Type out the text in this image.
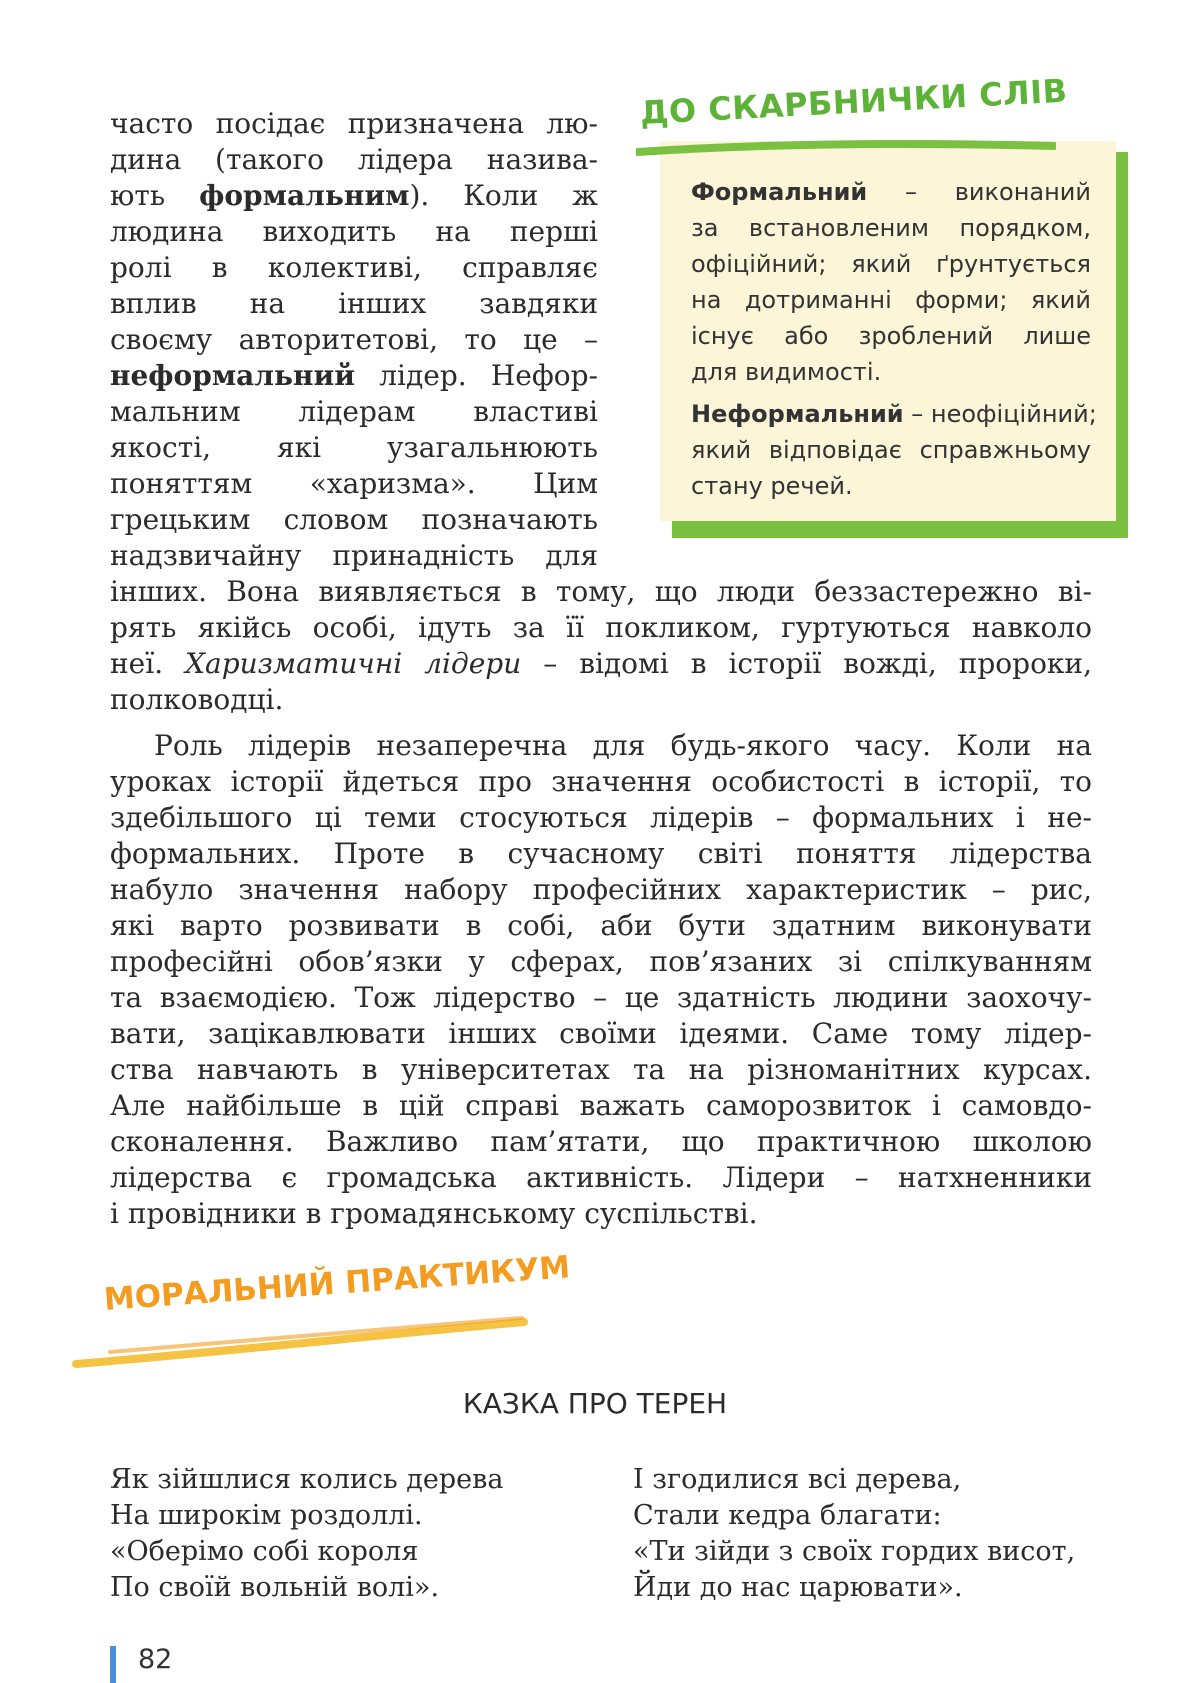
часто посідає призначена лю-
дина (такого лідера назива-
ють формальним). Коли ж
людина виходить на перші
ролі в колективі, справляє
вплив на інших завдяки
своєму авторитетові, то це –
неформальний лідер. Нефор-
мальним лідерам властиві
якості, які узагальнюють
поняттям «харизма». Цим
грецьким словом позначають
надзвичайну принадність для
ДО СКАРБНИЧКИ СЛІВ
Формальний – виконаний
за встановленим порядком,
офіційний; який ґрунтується
на дотриманні форми; який
існує або зроблений лише
для видимості.
Неформальний – неофіційний;
який відповідає справжньому
стану речей.
інших. Вона виявляється в тому, що люди беззастережно ві-
рять якійсь особі, ідуть за її покликом, гуртуються навколо
неї. Харизматичні лідери – відомі в історії вожді, пророки,
полководці.
Роль лідерів незаперечна для будь-якого часу. Коли на
уроках історії йдеться про значення особистості в історії, то
здебільшого ці теми стосуються лідерів – формальних і не-
формальних. Проте в сучасному світі поняття лідерства
набуло значення набору професійних характеристик – рис,
які варто розвивати в собі, аби бути здатним виконувати
професійні обов’язки у сферах, пов’язаних зі спілкуванням
та взаємодією. Тож лідерство – це здатність людини заохочу-
вати, зацікавлювати інших своїми ідеями. Саме тому лідер-
ства навчають в університетах та на різноманітних курсах.
Але найбільше в цій справі важать саморозвиток і самовдо-
сконалення. Важливо пам’ятати, що практичною школою
лідерства є громадська активність. Лідери – натхненники
і провідники в громадянському суспільстві.
МОРАЛЬНИЙ ПРАКТИКУМ
КАЗКА ПРО ТЕРЕН
Як зійшлися колись дерева
На широкім роздоллі.
«Оберімо собі короля
По своїй вольній волі».
І згодилися всі дерева,
Стали кедра благати:
«Ти зійди з своїх гордих висот,
Йди до нас царювати».
82
